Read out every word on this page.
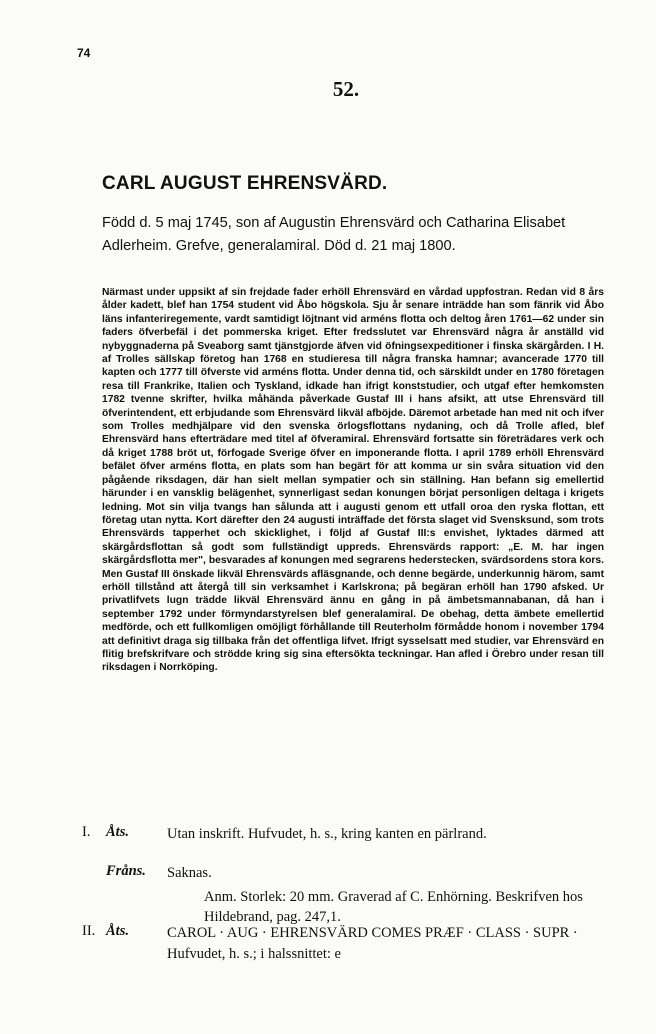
74
52.
CARL AUGUST EHRENSVÄRD.
Född d. 5 maj 1745, son af Augustin Ehrensvärd och Catharina Elisabet Adlerheim. Grefve, generalamiral. Död d. 21 maj 1800.
Närmast under uppsikt af sin frejdade fader erhöll Ehrensvärd en vårdad uppfostran. Redan vid 8 års ålder kadett, blef han 1754 student vid Åbo högskola. Sju år senare inträdde han som fänrik vid Åbo läns infanteriregemente, vardt samtidigt löjtnant vid arméns flotta och deltog åren 1761—62 under sin faders öfverbefäl i det pommerska kriget. Efter fredsslutet var Ehrensvärd några år anställd vid nybyggnaderna på Sveaborg samt tjänstgjorde äfven vid öfningsexpeditioner i finska skärgården. I H. af Trolles sällskap företog han 1768 en studieresa till några franska hamnar; avancerade 1770 till kapten och 1777 till öfverste vid arméns flotta. Under denna tid, och särskildt under en 1780 företagen resa till Frankrike, Italien och Tyskland, idkade han ifrigt konststudier, och utgaf efter hemkomsten 1782 tvenne skrifter, hvilka måhända påverkade Gustaf III i hans afsikt, att utse Ehrensvärd till öfverintendent, ett erbjudande som Ehrensvärd likväl afböjde. Däremot arbetade han med nit och ifver som Trolles medhjälpare vid den svenska örlogsflottans nydaning, och då Trolle afled, blef Ehrensvärd hans efterträdare med titel af öfveramiral. Ehrensvärd fortsatte sin företrädares verk och då kriget 1788 bröt ut, förfogade Sverige öfver en imponerande flotta. I april 1789 erhöll Ehrensvärd befälet öfver arméns flotta, en plats som han begärt för att komma ur sin svåra situation vid den pågående riksdagen, där han sielt mellan sympatier och sin ställning. Han befann sig emellertid härunder i en vansklig belägenhet, synnerligast sedan konungen börjat personligen deltaga i krigets ledning. Mot sin vilja tvangs han sålunda att i augusti genom ett utfall oroa den ryska flottan, ett företag utan nytta. Kort därefter den 24 augusti inträffade det första slaget vid Svensksund, som trots Ehrensvärds tapperhet och skicklighet, i följd af Gustaf III:s envishet, lyktades därmed att skärgårdsflottan så godt som fullständigt uppreds. Ehrensvärds rapport: „E. M. har ingen skärgårdsflotta mer", besvarades af konungen med segrarens hederstecken, svärdsordens stora kors. Men Gustaf III önskade likväl Ehrensvärds afläsgnande, och denne begärde, underkunnig härom, samt erhöll tillstånd att återgå till sin verksamhet i Karlskrona; på begäran erhöll han 1790 afsked. Ur privatlifvets lugn trädde likväl Ehrensvärd ännu en gång in på ämbetsmannabanan, då han i september 1792 under förmyndarstyrelsen blef generalamiral. De obehag, detta ämbete emellertid medförde, och ett fullkomligen omöjligt förhållande till Reuterholm förmådde honom i november 1794 att definitivt draga sig tillbaka från det offentliga lifvet. Ifrigt sysselsatt med studier, var Ehrensvärd en flitig brefskrifvare och strödde kring sig sina eftersökta teckningar. Han afled i Örebro under resan till riksdagen i Norrköping.
I. Åts.	Utan inskrift. Hufvudet, h. s., kring kanten en pärlrand.
Fråns. Saknas.
Anm. Storlek: 20 mm. Graverad af C. Enhörning. Beskrifven hos Hildebrand, pag. 247,1.
II. Åts.	CAROL · AUG · EHRENSVÄRD COMES PRÆF · CLASS · SUPR · Hufvudet, h. s.; i halssnittet: e
